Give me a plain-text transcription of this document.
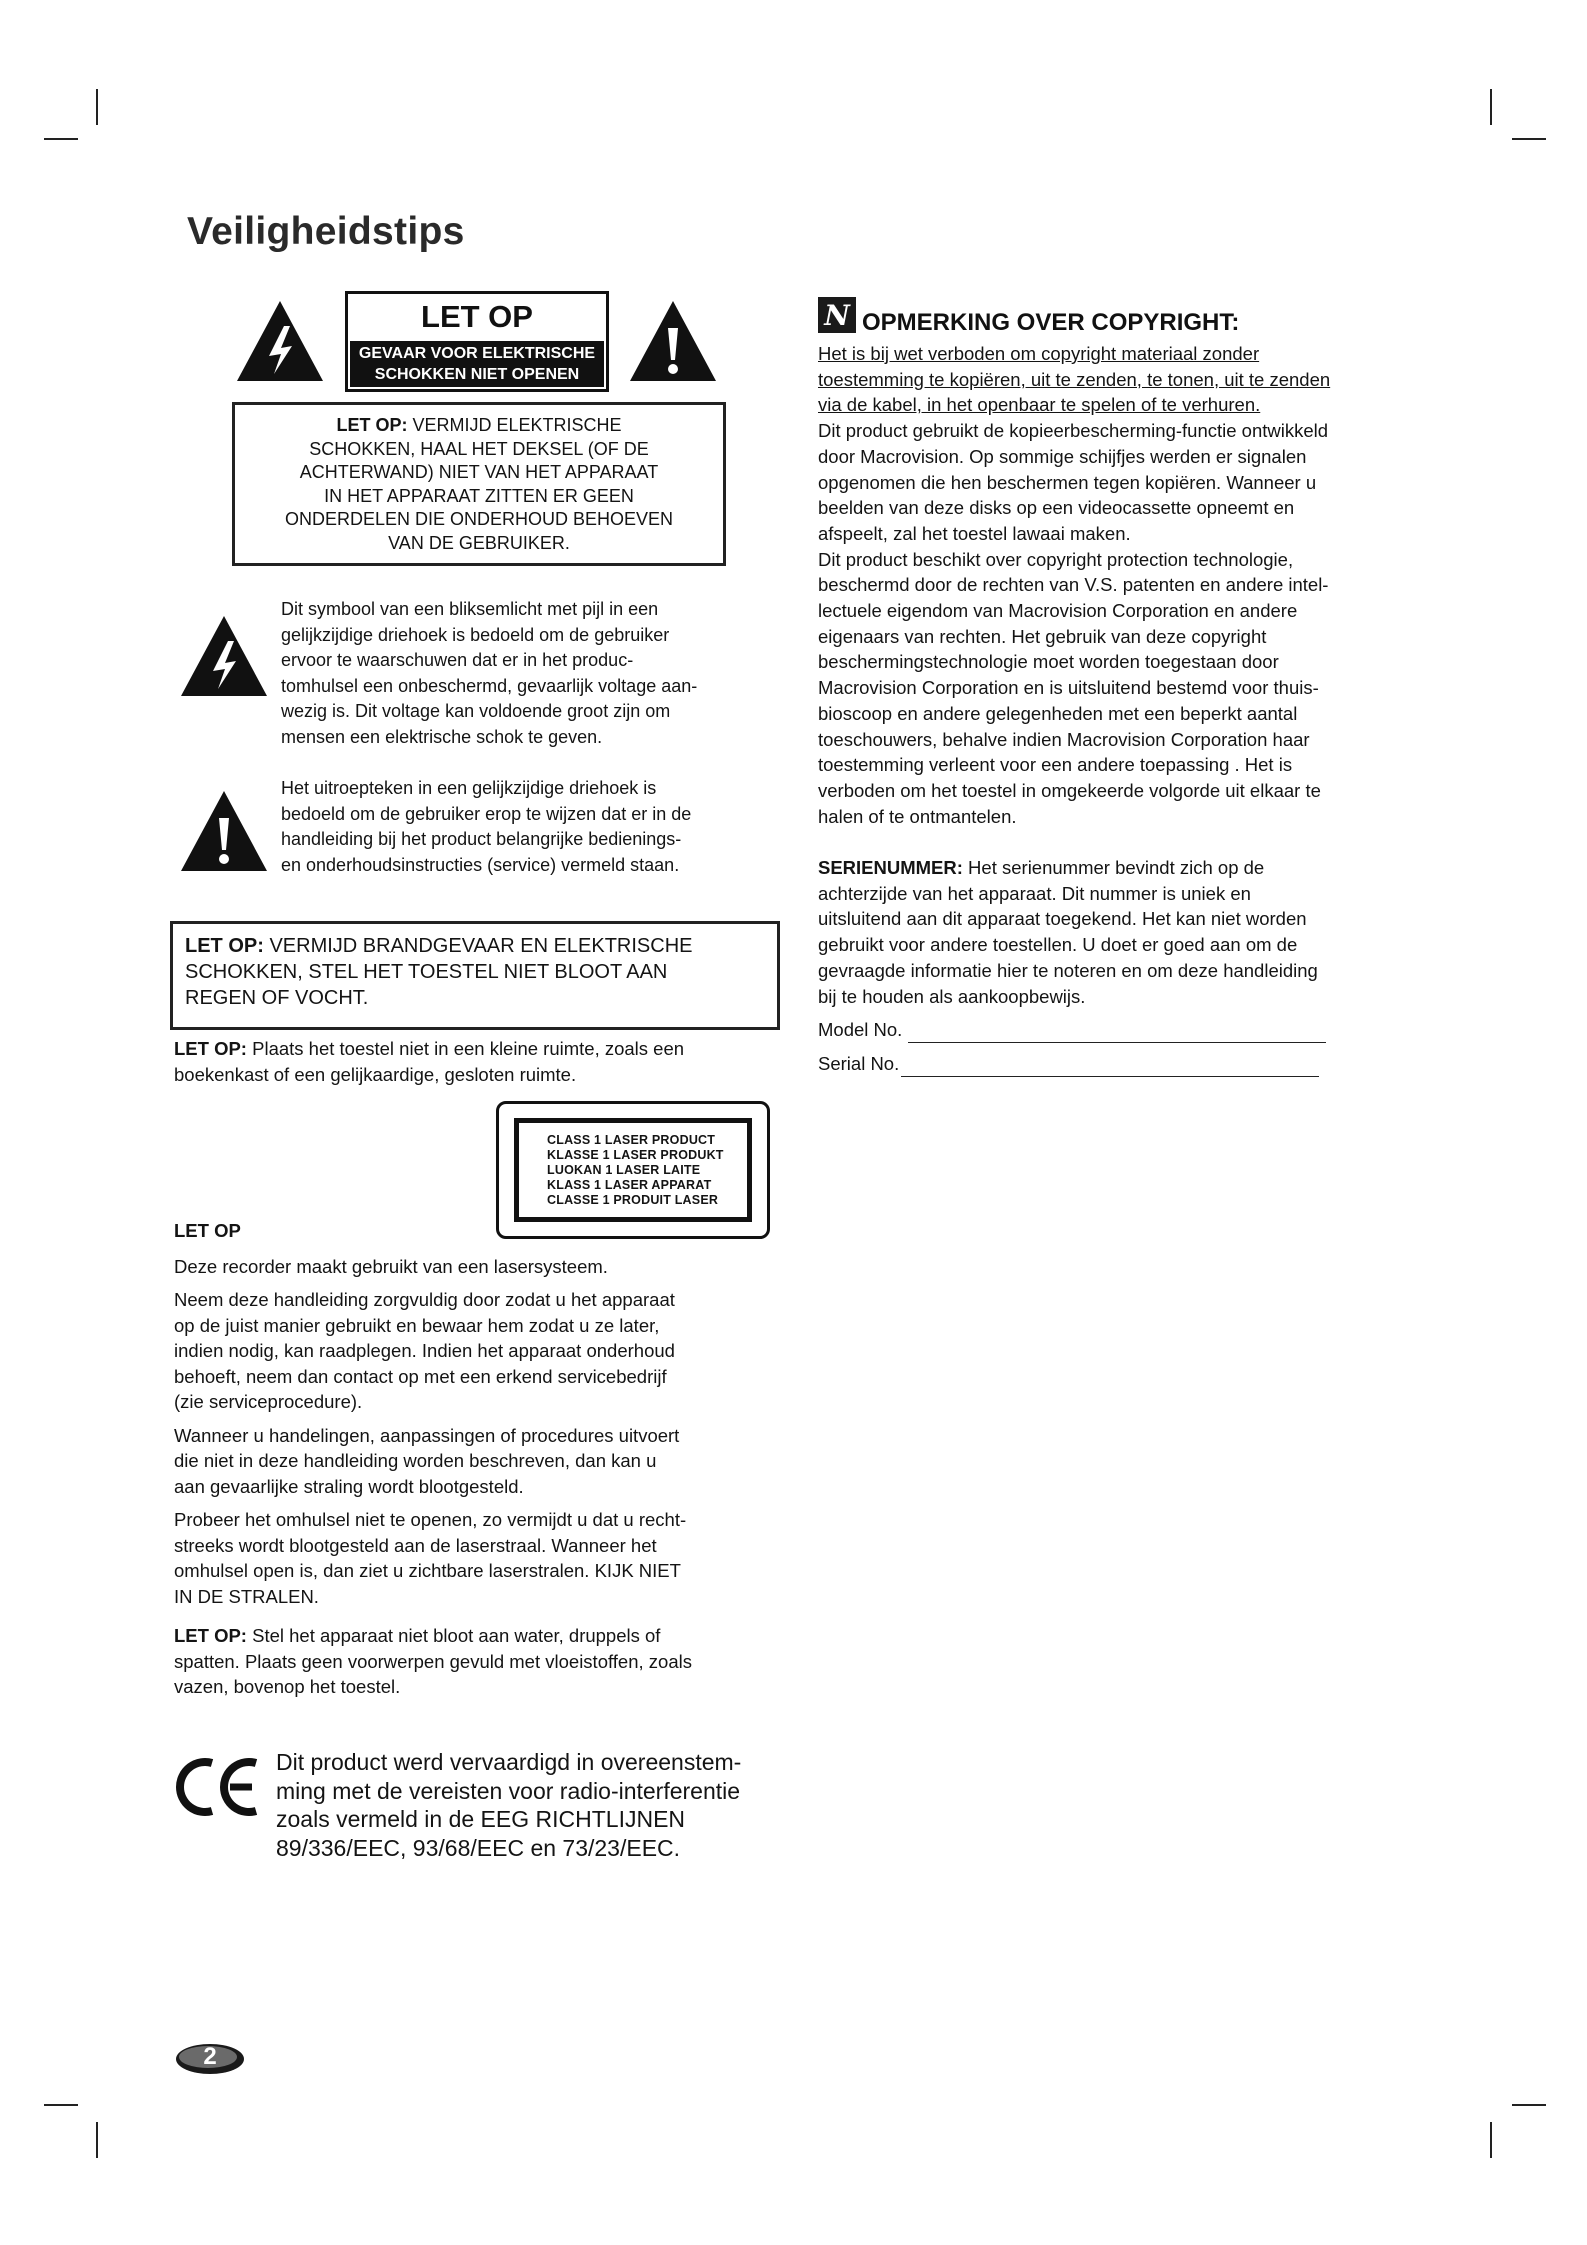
Veiligheidstips
LET OP
GEVAAR VOOR ELEKTRISCHE
SCHOKKEN NIET OPENEN
LET OP: VERMIJD ELEKTRISCHE
SCHOKKEN, HAAL HET DEKSEL (OF DE
ACHTERWAND) NIET VAN HET APPARAAT
IN HET APPARAAT ZITTEN ER GEEN
ONDERDELEN DIE ONDERHOUD BEHOEVEN
VAN DE GEBRUIKER.
Dit symbool van een bliksemlicht met pijl in een
gelijkzijdige driehoek is bedoeld om de gebruiker
ervoor te waarschuwen dat er in het produc-
tomhulsel een onbeschermd, gevaarlijk voltage aan-
wezig is. Dit voltage kan voldoende groot zijn om
mensen een elektrische schok te geven.
Het uitroepteken in een gelijkzijdige driehoek is
bedoeld om de gebruiker erop te wijzen dat er in de
handleiding bij het product belangrijke bedienings-
en onderhoudsinstructies (service) vermeld staan.
LET OP: VERMIJD BRANDGEVAAR EN ELEKTRISCHE
SCHOKKEN, STEL HET TOESTEL NIET BLOOT AAN
REGEN OF VOCHT.
LET OP: Plaats het toestel niet in een kleine ruimte, zoals een
boekenkast of een gelijkaardige, gesloten ruimte.
CLASS 1 LASER PRODUCT
KLASSE 1 LASER PRODUKT
LUOKAN 1 LASER LAITE
KLASS 1 LASER APPARAT
CLASSE 1 PRODUIT LASER
LET OP
Deze recorder maakt gebruikt van een lasersysteem.
Neem deze handleiding zorgvuldig door zodat u het apparaat
op de juist manier gebruikt en bewaar hem zodat u ze later,
indien nodig, kan raadplegen. Indien het apparaat onderhoud
behoeft, neem dan contact op met een erkend servicebedrijf
(zie serviceprocedure).
Wanneer u handelingen, aanpassingen of procedures uitvoert
die niet in deze handleiding worden beschreven, dan kan u
aan gevaarlijke straling wordt blootgesteld.
Probeer het omhulsel niet te openen, zo vermijdt u dat u recht-
streeks wordt blootgesteld aan de laserstraal. Wanneer het
omhulsel open is, dan ziet u zichtbare laserstralen. KIJK NIET
IN DE STRALEN.
LET OP: Stel het apparaat niet bloot aan water, druppels of
spatten. Plaats geen voorwerpen gevuld met vloeistoffen, zoals
vazen, bovenop het toestel.
Dit product werd vervaardigd in overeenstem-
ming met de vereisten voor radio-interferentie
zoals vermeld in de EEG RICHTLIJNEN
89/336/EEC, 93/68/EEC en 73/23/EEC.
2
N OPMERKING OVER COPYRIGHT:
Het is bij wet verboden om copyright materiaal zonder
toestemming te kopiëren, uit te zenden, te tonen, uit te zenden
via de kabel, in het openbaar te spelen of te verhuren.
Dit product gebruikt de kopieerbescherming-functie ontwikkeld
door Macrovision. Op sommige schijfjes werden er signalen
opgenomen die hen beschermen tegen kopiëren. Wanneer u
beelden van deze disks op een videocassette opneemt en
afspeelt, zal het toestel lawaai maken.
Dit product beschikt over copyright protection technologie,
beschermd door de rechten van V.S. patenten en andere intel-
lectuele eigendom van Macrovision Corporation en andere
eigenaars van rechten. Het gebruik van deze copyright
beschermingstechnologie moet worden toegestaan door
Macrovision Corporation en is uitsluitend bestemd voor thuis-
bioscoop en andere gelegenheden met een beperkt aantal
toeschouwers, behalve indien Macrovision Corporation haar
toestemming verleent voor een andere toepassing . Het is
verboden om het toestel in omgekeerde volgorde uit elkaar te
halen of te ontmantelen.
SERIENUMMER: Het serienummer bevindt zich op de
achterzijde van het apparaat. Dit nummer is uniek en
uitsluitend aan dit apparaat toegekend. Het kan niet worden
gebruikt voor andere toestellen. U doet er goed aan om de
gevraagde informatie hier te noteren en om deze handleiding
bij te houden als aankoopbewijs.
Model No.
Serial No.
